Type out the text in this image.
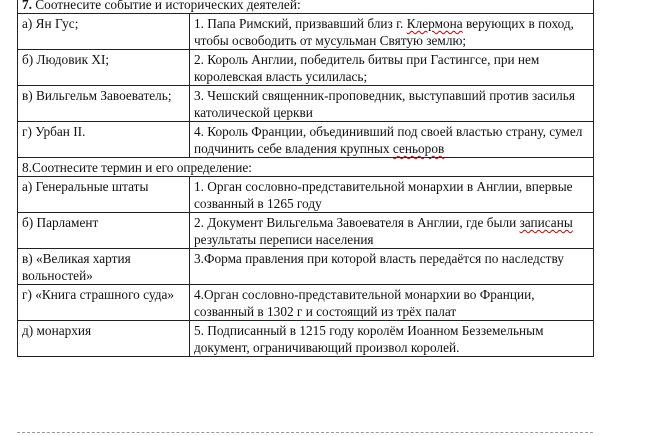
7. Соотнесите событие и исторических деятелей:	
а) Ян Гус;	1. Папа Римский, призвавший близ г. Клермона верующих в поход, чтобы освободить от мусульман Святую землю;
б) Людовик XI;	2. Король Англии, победитель битвы при Гастингсе, при нем королевская власть усилилась;
в) Вильгельм Завоеватель;	3. Чешский священник-проповедник, выступавший против засилья католической церкви
г) Урбан II.	4. Король Франции, объединивший под своей властью страну, сумел подчинить себе владения крупных сеньоров
8.Соотнесите термин и его определение:	
а) Генеральные штаты	1. Орган сословно-представительной монархии в Англии, впервые созванный в 1265 году
б) Парламент	2. Документ Вильгельма Завоевателя в Англии, где были записаны результаты переписи населения
в) «Великая хартия вольностей»	3.Форма правления при которой власть передаётся по наследству
г) «Книга страшного суда»	4.Орган сословно-представительной монархии во Франции, созванный в 1302 г и состоящий из трёх палат
д) монархия	5. Подписанный в 1215 году королём Иоанном Безземельным документ, ограничивающий произвол королей.
